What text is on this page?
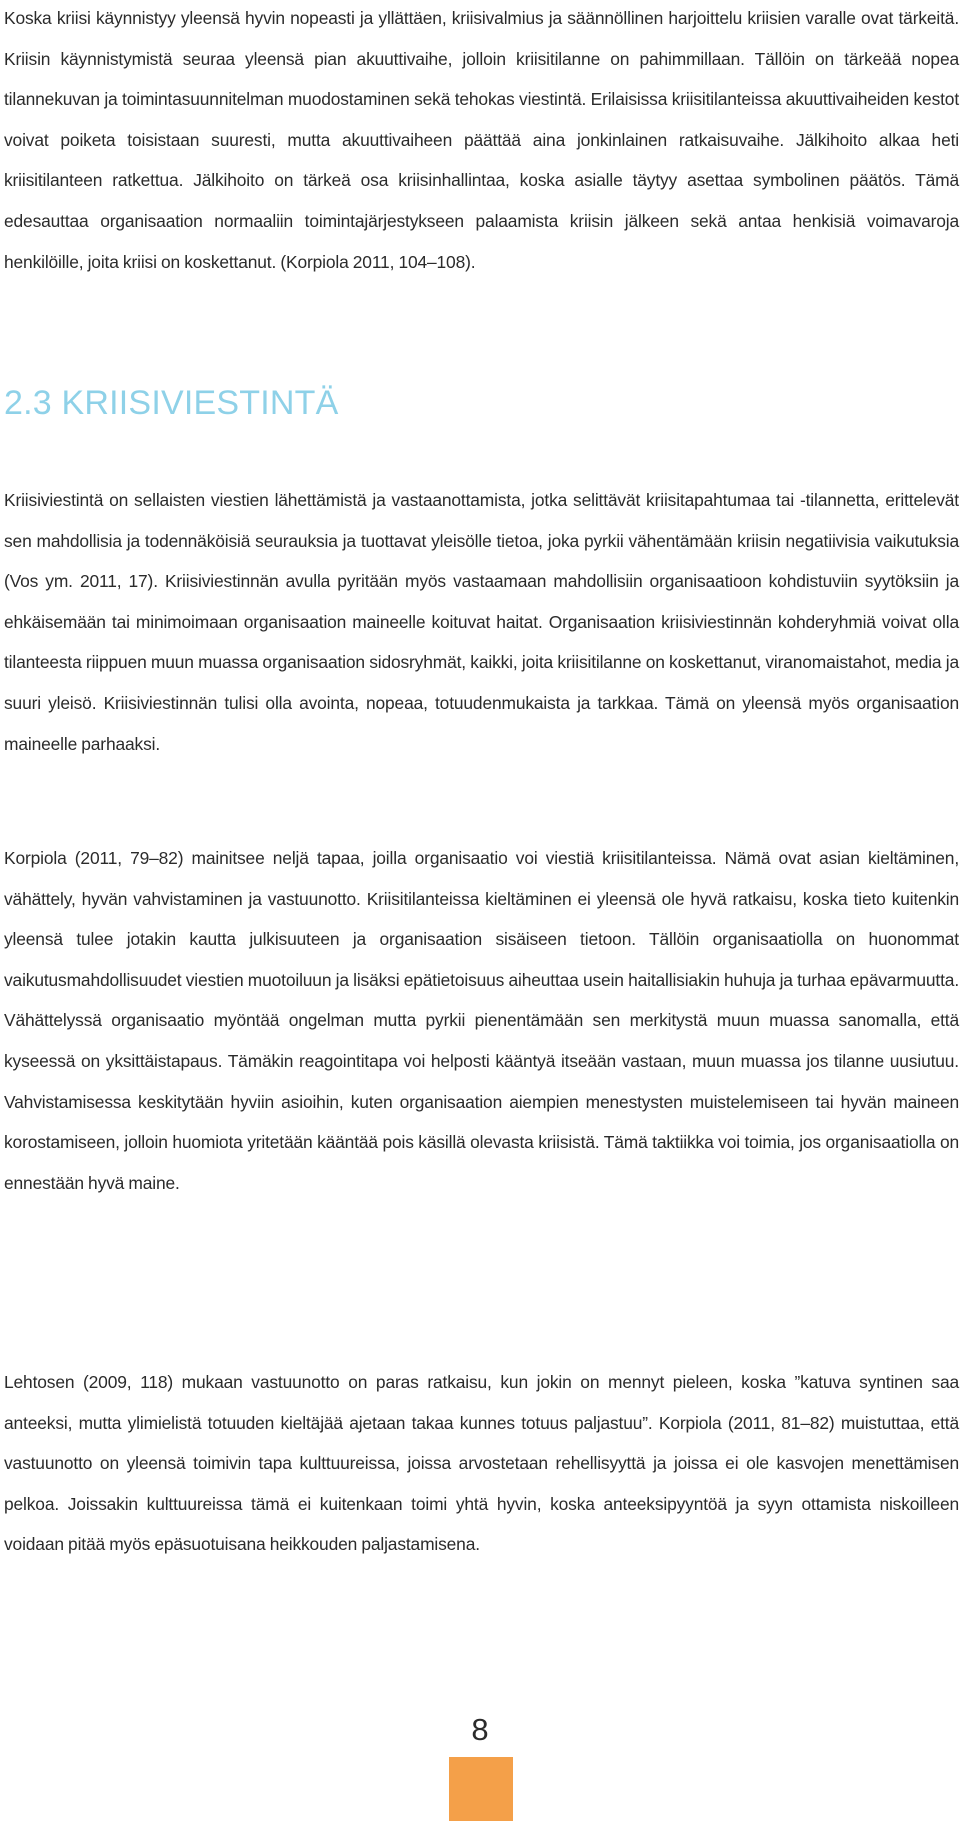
Koska kriisi käynnistyy yleensä hyvin nopeasti ja yllättäen, kriisivalmius ja säännöllinen harjoittelu kriisien varalle ovat tärkeitä. Kriisin käynnistymistä seuraa yleensä pian akuuttivaihe, jolloin kriisitilanne on pahimmillaan. Tällöin on tärkeää nopea tilannekuvan ja toimintasuunnitelman muodostaminen sekä tehokas viestintä. Erilaisissa kriisitilanteissa akuuttivaiheiden kestot voivat poiketa toisistaan suuresti, mutta akuuttivaiheen päättää aina jonkinlainen ratkaisuvaihe. Jälkihoito alkaa heti kriisitilanteen ratkettua. Jälkihoito on tärkeä osa kriisinhallintaa, koska asialle täytyy asettaa symbolinen päätös. Tämä edesauttaa organisaation normaaliin toimintajärjestykseen palaamista kriisin jälkeen sekä antaa henkisiä voimavaroja henkilöille, joita kriisi on koskettanut. (Korpiola 2011, 104–108).

2.3 KRIISIVIESTINTÄ

Kriisiviestintä on sellaisten viestien lähettämistä ja vastaanottamista, jotka selittävät kriisitapahtumaa tai -tilannetta, erittelevät sen mahdollisia ja todennäköisiä seurauksia ja tuottavat yleisölle tietoa, joka pyrkii vähentämään kriisin negatiivisia vaikutuksia (Vos ym. 2011, 17). Kriisiviestinnän avulla pyritään myös vastaamaan mahdollisiin organisaatioon kohdistuviin syytöksiin ja ehkäisemään tai minimoimaan organisaation maineelle koituvat haitat. Organisaation kriisiviestinnän kohderyhmiä voivat olla tilanteesta riippuen muun muassa organisaation sidosryhmät, kaikki, joita kriisitilanne on koskettanut, viranomaistahot, media ja suuri yleisö. Kriisiviestinnän tulisi olla avointa, nopeaa, totuudenmukaista ja tarkkaa. Tämä on yleensä myös organisaation maineelle parhaaksi.

Korpiola (2011, 79–82) mainitsee neljä tapaa, joilla organisaatio voi viestiä kriisitilanteissa. Nämä ovat asian kieltäminen, vähättely, hyvän vahvistaminen ja vastuunotto. Kriisitilanteissa kieltäminen ei yleensä ole hyvä ratkaisu, koska tieto kuitenkin yleensä tulee jotakin kautta julkisuuteen ja organisaation sisäiseen tietoon. Tällöin organisaatiolla on huonommat vaikutusmahdollisuudet viestien muotoiluun ja lisäksi epätietoisuus aiheuttaa usein haitallisiakin huhuja ja turhaa epävarmuutta. Vähättelyssä organisaatio myöntää ongelman mutta pyrkii pienentämään sen merkitystä muun muassa sanomalla, että kyseessä on yksittäistapaus. Tämäkin reagointitapa voi helposti kääntyä itseään vastaan, muun muassa jos tilanne uusiutuu. Vahvistamisessa keskitytään hyviin asioihin, kuten organisaation aiempien menestysten muistelemiseen tai hyvän maineen korostamiseen, jolloin huomiota yritetään kääntää pois käsillä olevasta kriisistä. Tämä taktiikka voi toimia, jos organisaatiolla on ennestään hyvä maine.

Lehtosen (2009, 118) mukaan vastuunotto on paras ratkaisu, kun jokin on mennyt pieleen, koska ”katuva syntinen saa anteeksi, mutta ylimielistä totuuden kieltäjää ajetaan takaa kunnes totuus paljastuu”. Korpiola (2011, 81–82) muistuttaa, että vastuunotto on yleensä toimivin tapa kulttuureissa, joissa arvostetaan rehellisyyttä ja joissa ei ole kasvojen menettämisen pelkoa. Joissakin kulttuureissa tämä ei kuitenkaan toimi yhtä hyvin, koska anteeksipyyntöä ja syyn ottamista niskoilleen voidaan pitää myös epäsuotuisana heikkouden paljastamisena.

8
